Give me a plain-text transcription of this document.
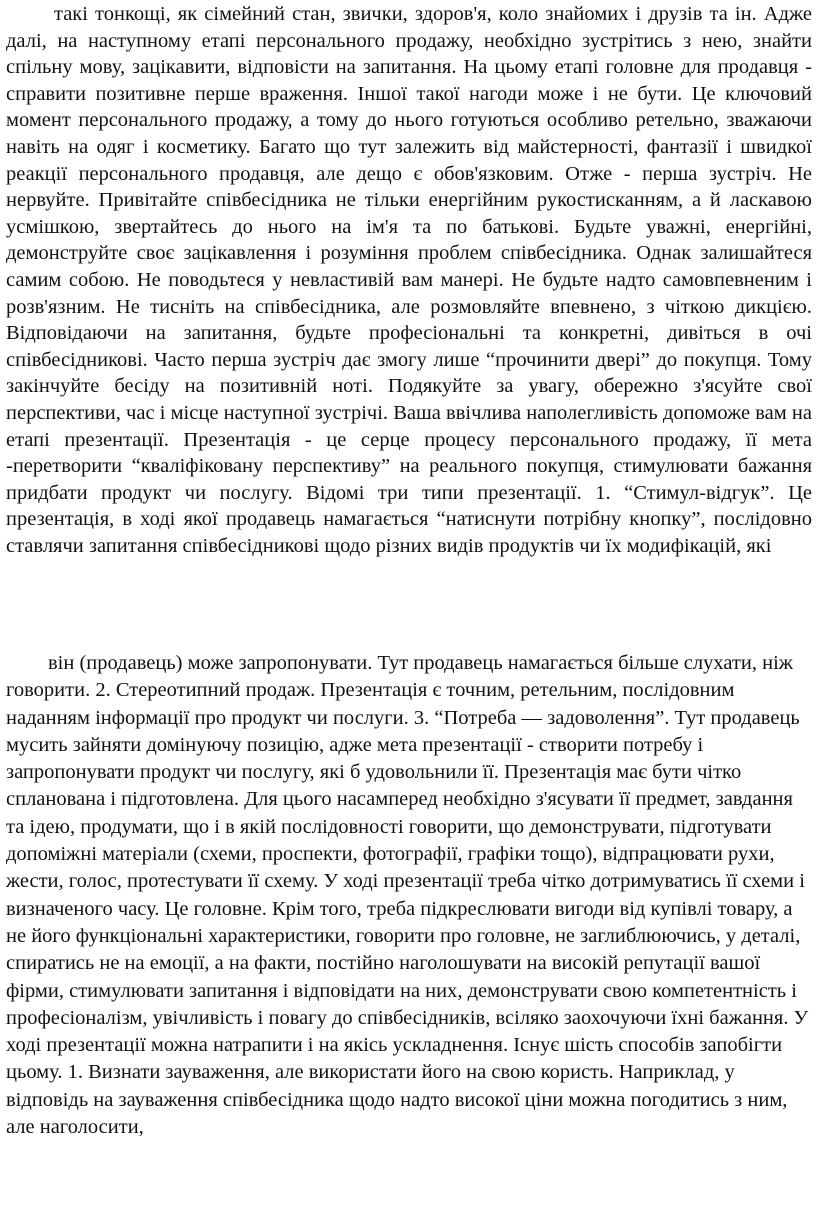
такі тонкощі, як сімейний стан, звички, здоров'я, коло знайомих і друзів та ін. Адже далі, на наступному етапі персонального продажу, необхідно зустрітись з нею, знайти спільну мову, зацікавити, відповісти на запитання. На цьому етапі головне для продавця - справити позитивне перше враження. Іншої такої нагоди може і не бути. Це ключовий момент персонального продажу, а тому до нього готуються особливо ретельно, зважаючи навіть на одяг і косметику. Багато що тут залежить від майстерності, фантазії і швидкої реакції персонального продавця, але дещо є обов'язковим. Отже - перша зустріч. Не нервуйте. Привітайте співбесідника не тільки енергійним рукостисканням, а й ласкавою усмішкою, звертайтесь до нього на ім'я та по батькові. Будьте уважні, енергійні, демонструйте своє зацікавлення і розуміння проблем співбесідника. Однак залишайтеся самим собою. Не поводьтеся у невластивій вам манері. Не будьте надто самовпевненим і розв'язним. Не тисніть на співбесідника, але розмовляйте впевнено, з чіткою дикцією. Відповідаючи на запитання, будьте професіональні та конкретні, дивіться в очі співбесідникові. Часто перша зустріч дає змогу лише “прочинити двері” до покупця. Тому закінчуйте бесіду на позитивній ноті. Подякуйте за увагу, обережно з'ясуйте свої перспективи, час і місце наступної зустрічі. Ваша ввічлива наполегливість допоможе вам на етапі презентації. Презентація - це серце процесу персонального продажу, її мета -перетворити “кваліфіковану перспективу” на реального покупця, стимулювати бажання придбати продукт чи послугу. Відомі три типи презентації. 1. “Стимул-відгук”. Це презентація, в ході якої продавець намагається “натиснути потрібну кнопку”, послідовно ставлячи запитання співбесідникові щодо різних видів продуктів чи їх модифікацій, які

він (продавець) може запропонувати. Тут продавець намагається більше слухати, ніж говорити. 2. Стереотипний продаж. Презентація є точним, ретельним, послідовним наданням інформації про продукт чи послуги. 3. “Потреба — задоволення”. Тут продавець мусить зайняти домінуючу позицію, адже мета презентації - створити потребу і запропонувати продукт чи послугу, які б удовольнили її. Презентація має бути чітко спланована і підготовлена. Для цього насамперед необхідно з'ясувати її предмет, завдання та ідею, продумати, що і в якій послідовності говорити, що демонструвати, підготувати допоміжні матеріали (схеми, проспекти, фотографії, графіки тощо), відпрацювати рухи, жести, голос, протестувати її схему. У ході презентації треба чітко дотримуватись її схеми і визначеного часу. Це головне. Крім того, треба підкреслювати вигоди від купівлі товару, а не його функціональні характеристики, говорити про головне, не заглиблюючись, у деталі, спиратись не на емоції, а на факти, постійно наголошувати на високій репутації вашої фірми, стимулювати запитання і відповідати на них, демонструвати свою компетентність і професіоналізм, увічливість і повагу до співбесідників, всіляко заохочуючи їхні бажання. У ході презентації можна натрапити і на якісь ускладнення. Існує шість способів запобігти цьому. 1. Визнати зауваження, але використати його на свою користь. Наприклад, у відповідь на зауваження співбесідника щодо надто високої ціни можна погодитись з ним, але наголосити,
